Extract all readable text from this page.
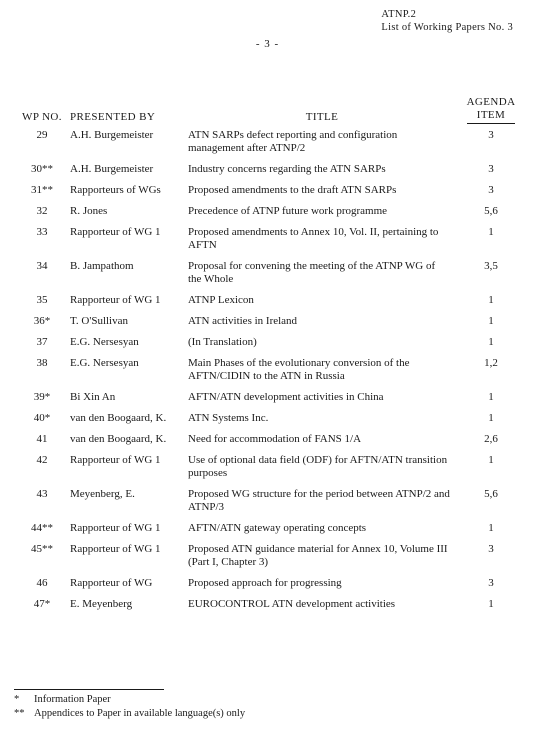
ATNP.2
List of Working Papers No. 3
- 3 -
WP NO.	PRESENTED BY	TITLE	AGENDA
ITEM
29	A.H. Burgemeister	ATN SARPs defect reporting and configuration management after ATNP/2	3
30**	A.H. Burgemeister	Industry concerns regarding the ATN SARPs	3
31**	Rapporteurs of WGs	Proposed amendments to the draft ATN SARPs	3
32	R. Jones	Precedence of ATNP future work programme	5,6
33	Rapporteur of WG 1	Proposed amendments to Annex 10, Vol. II, pertaining to AFTN	1
34	B. Jampathom	Proposal for convening the meeting of the ATNP WG of the Whole	3,5
35	Rapporteur of WG 1	ATNP Lexicon	1
36*	T. O'Sullivan	ATN activities in Ireland	1
37	E.G. Nersesyan	(In Translation)	1
38	E.G. Nersesyan	Main Phases of the evolutionary conversion of the AFTN/CIDIN to the ATN in Russia	1,2
39*	Bi Xin An	AFTN/ATN development activities in China	1
40*	van den Boogaard, K.	ATN Systems Inc.	1
41	van den Boogaard, K.	Need for accommodation of FANS 1/A	2,6
42	Rapporteur of WG 1	Use of optional data field (ODF) for AFTN/ATN transition purposes	1
43	Meyenberg, E.	Proposed WG structure for the period between ATNP/2 and ATNP/3	5,6
44**	Rapporteur of WG 1	AFTN/ATN gateway operating concepts	1
45**	Rapporteur of WG 1	Proposed ATN guidance material for Annex 10, Volume III (Part I, Chapter 3)	3
46	Rapporteur of WG	Proposed approach for progressing	3
47*	E. Meyenberg	EUROCONTROL ATN development activities	1
*	Information Paper
** Appendices to Paper in available language(s) only
